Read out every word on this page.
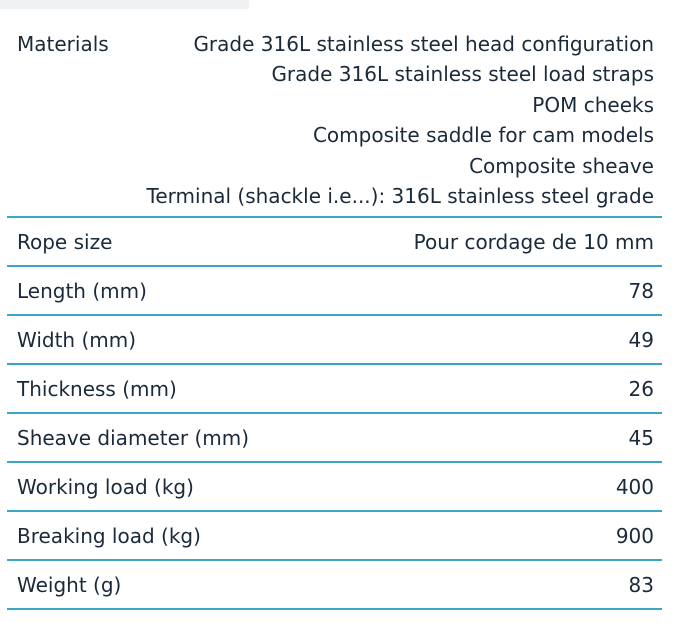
Materials	Grade 316L stainless steel head configuration
Grade 316L stainless steel load straps
POM cheeks
Composite saddle for cam models
Composite sheave
Terminal (shackle i.e...): 316L stainless steel grade
Rope size	Pour cordage de 10 mm
Length (mm)	78
Width (mm)	49
Thickness (mm)	26
Sheave diameter (mm)	45
Working load (kg)	400
Breaking load (kg)	900
Weight (g)	83
